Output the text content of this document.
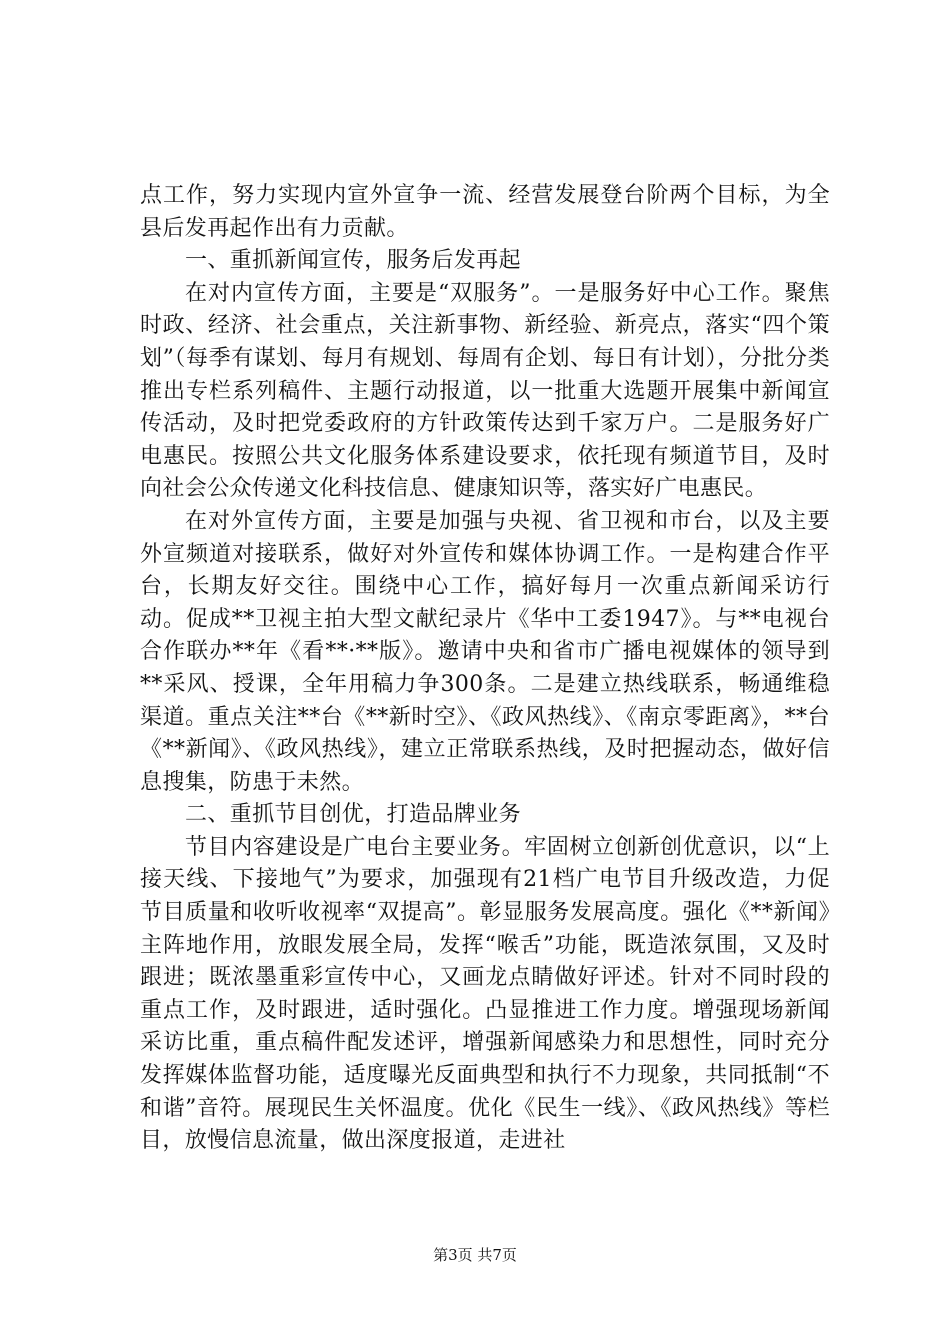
点工作，努力实现内宣外宣争一流、经营发展登台阶两个目标，为全县后发再起作出有力贡献。

一、重抓新闻宣传，服务后发再起

在对内宣传方面，主要是“双服务”。一是服务好中心工作。聚焦时政、经济、社会重点，关注新事物、新经验、新亮点，落实“四个策划”（每季有谋划、每月有规划、每周有企划、每日有计划），分批分类推出专栏系列稿件、主题行动报道，以一批重大选题开展集中新闻宣传活动，及时把党委政府的方针政策传达到千家万户。二是服务好广电惠民。按照公共文化服务体系建设要求，依托现有频道节目，及时向社会公众传递文化科技信息、健康知识等，落实好广电惠民。

在对外宣传方面，主要是加强与央视、省卫视和市台，以及主要外宣频道对接联系，做好对外宣传和媒体协调工作。一是构建合作平台，长期友好交往。围绕中心工作，搞好每月一次重点新闻采访行动。促成**卫视主拍大型文献纪录片《华中工委1947》。与**电视台合作联办**年《看**·**版》。邀请中央和省市广播电视媒体的领导到**采风、授课，全年用稿力争300条。二是建立热线联系，畅通维稳渠道。重点关注**台《**新时空》、《政风热线》、《南京零距离》，**台《**新闻》、《政风热线》，建立正常联系热线，及时把握动态，做好信息搜集，防患于未然。

二、重抓节目创优，打造品牌业务

节目内容建设是广电台主要业务。牢固树立创新创优意识，以“上接天线、下接地气”为要求，加强现有21档广电节目升级改造，力促节目质量和收听收视率“双提高”。彰显服务发展高度。强化《**新闻》主阵地作用，放眼发展全局，发挥“喉舌”功能，既造浓氛围，又及时跟进；既浓墨重彩宣传中心，又画龙点睛做好评述。针对不同时段的重点工作，及时跟进，适时强化。凸显推进工作力度。增强现场新闻采访比重，重点稿件配发述评，增强新闻感染力和思想性，同时充分发挥媒体监督功能，适度曝光反面典型和执行不力现象，共同抵制“不和谐”音符。展现民生关怀温度。优化《民生一线》、《政风热线》等栏目，放慢信息流量，做出深度报道，走进社

第3页 共7页
